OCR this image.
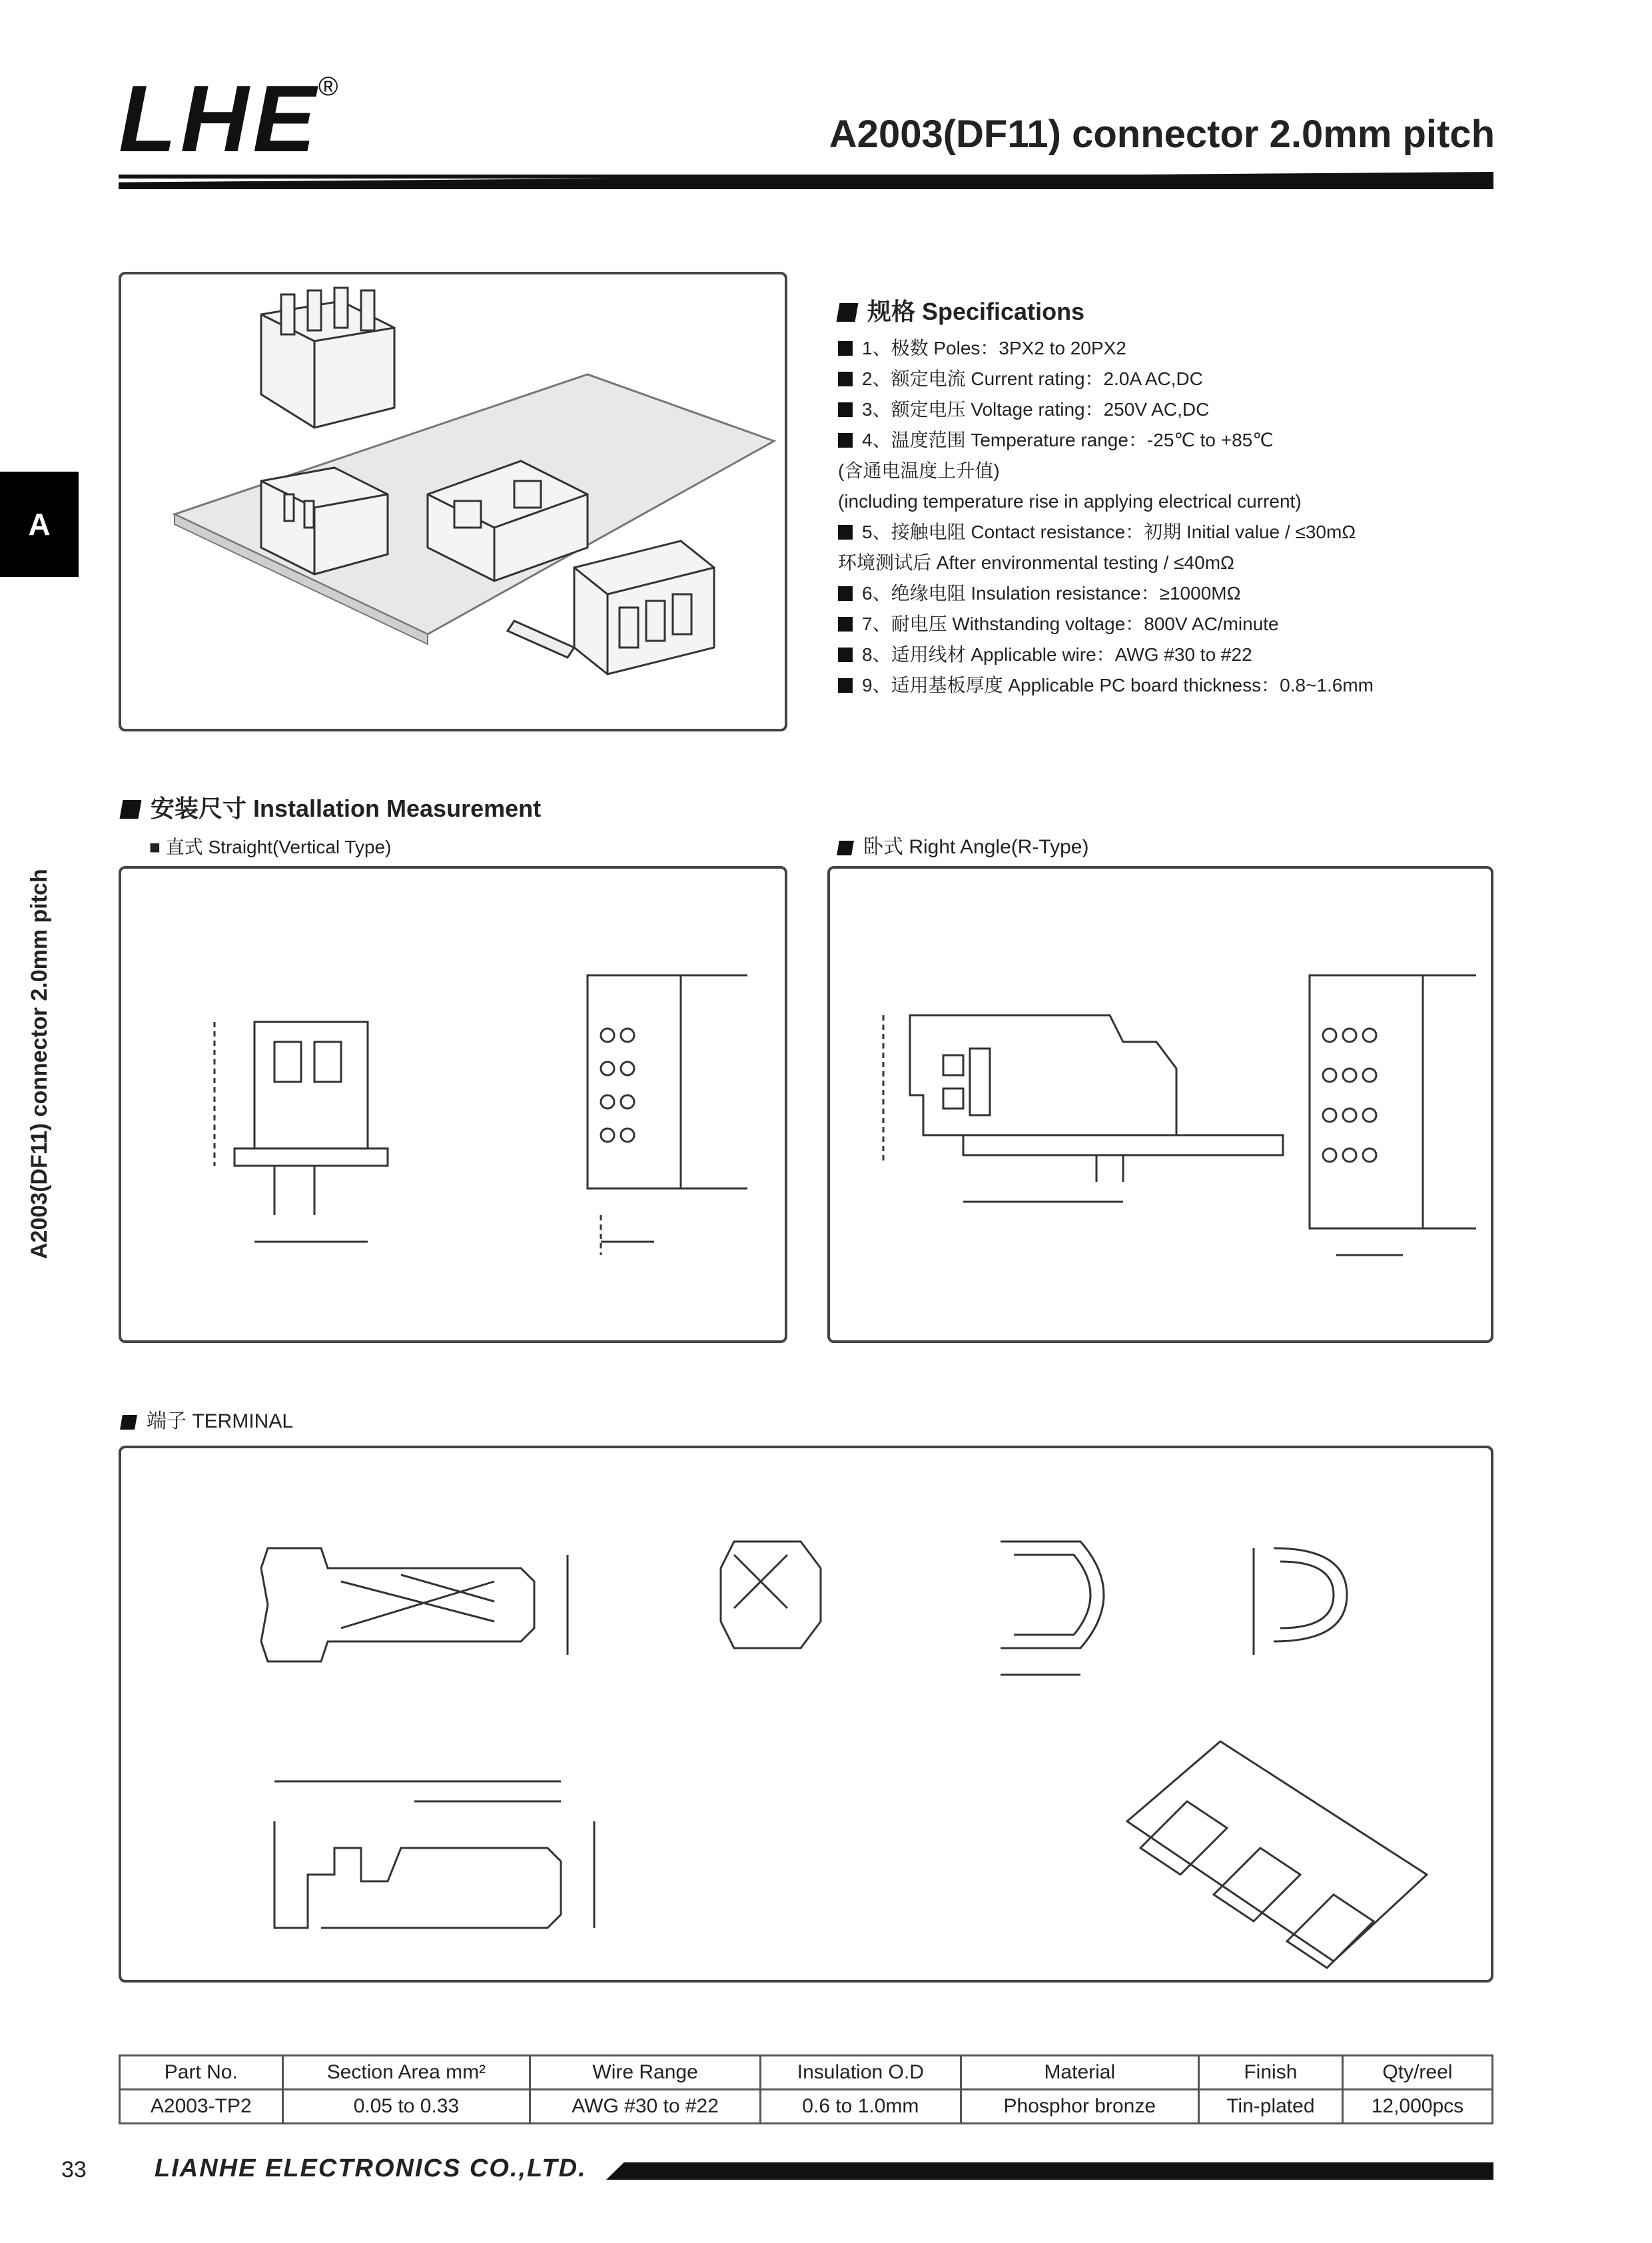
LHE
®
A2003(DF11) connector 2.0mm pitch
A
A2003(DF11) connector 2.0mm pitch
规格 Specifications
1、极数 Poles：3PX2 to 20PX2
2、额定电流 Current rating：2.0A AC,DC
3、额定电压 Voltage rating：250V AC,DC
4、温度范围 Temperature range：-25℃ to +85℃
(含通电温度上升值)
(including temperature rise in applying electrical current)
5、接触电阻 Contact resistance：初期 Initial value / ≤30mΩ
环境测试后 After environmental testing / ≤40mΩ
6、绝缘电阻 Insulation resistance：≥1000MΩ
7、耐电压 Withstanding voltage：800V AC/minute
8、适用线材 Applicable wire：AWG #30 to #22
9、适用基板厚度 Applicable PC board thickness：0.8~1.6mm
安装尺寸 Installation Measurement
■ 直式 Straight(Vertical Type)	卧式 Right Angle(R-Type)
端子 TERMINAL
Part No.	Section Area mm²	Wire Range	Insulation O.D	Material	Finish	Qty/reel
A2003-TP2	0.05 to 0.33	AWG #30 to #22	0.6 to 1.0mm	Phosphor bronze	Tin-plated	12,000pcs
33	LIANHE ELECTRONICS CO.,LTD.
